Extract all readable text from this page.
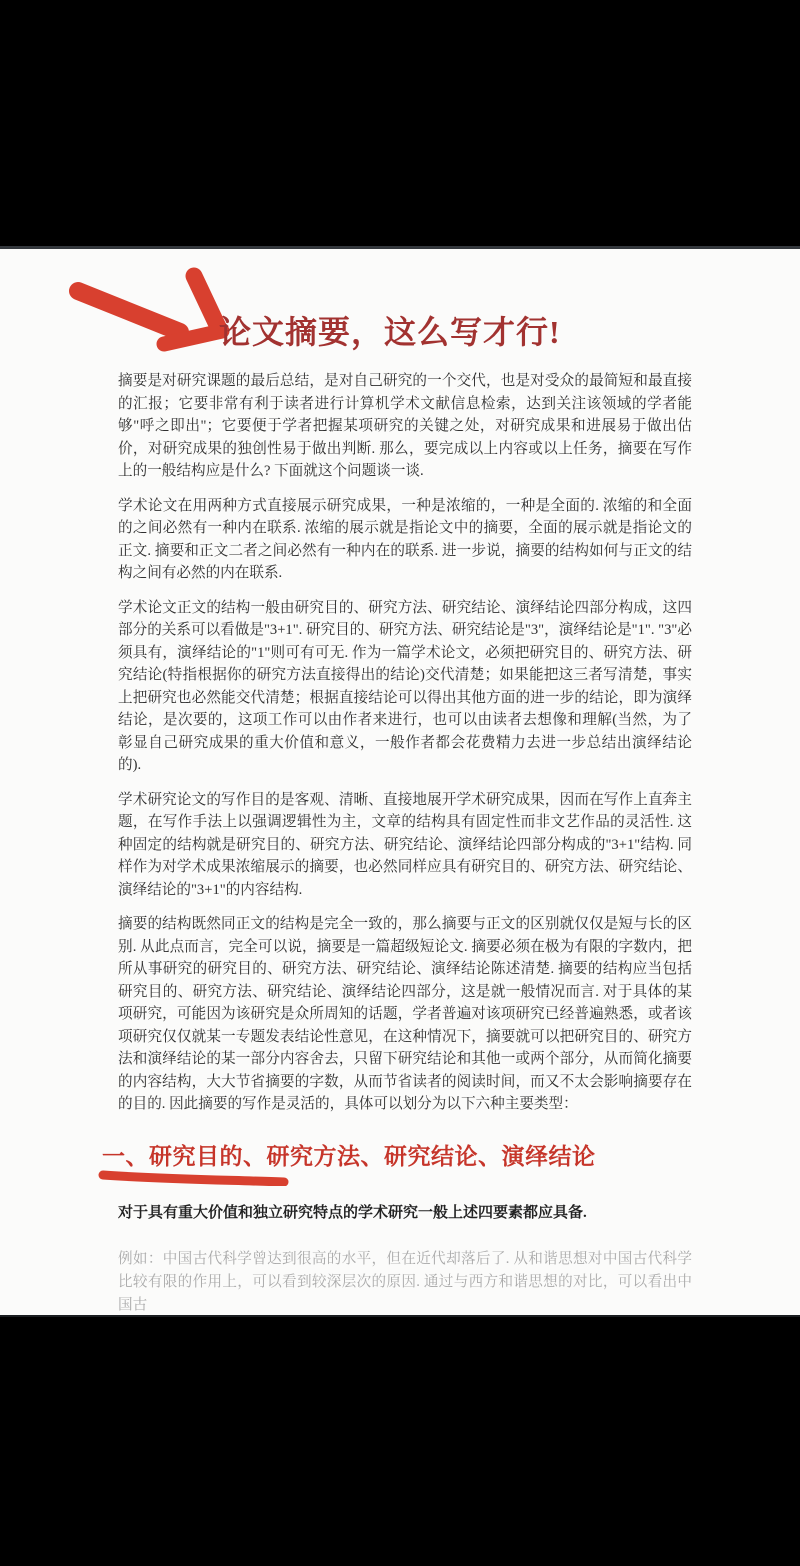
论文摘要，这么写才行!

摘要是对研究课题的最后总结，是对自己研究的一个交代，也是对受众的最简短和最直接的汇报；它要非常有利于读者进行计算机学术文献信息检索，达到关注该领域的学者能够"呼之即出"；它要便于学者把握某项研究的关键之处，对研究成果和进展易于做出估价，对研究成果的独创性易于做出判断. 那么，要完成以上内容或以上任务，摘要在写作上的一般结构应是什么? 下面就这个问题谈一谈.

学术论文在用两种方式直接展示研究成果，一种是浓缩的，一种是全面的. 浓缩的和全面的之间必然有一种内在联系. 浓缩的展示就是指论文中的摘要，全面的展示就是指论文的正文. 摘要和正文二者之间必然有一种内在的联系. 进一步说，摘要的结构如何与正文的结构之间有必然的内在联系.

学术论文正文的结构一般由研究目的、研究方法、研究结论、演绎结论四部分构成，这四部分的关系可以看做是"3+1". 研究目的、研究方法、研究结论是"3"，演绎结论是"1". "3"必须具有，演绎结论的"1"则可有可无. 作为一篇学术论文，必须把研究目的、研究方法、研究结论(特指根据你的研究方法直接得出的结论)交代清楚；如果能把这三者写清楚，事实上把研究也必然能交代清楚；根据直接结论可以得出其他方面的进一步的结论，即为演绎结论，是次要的，这项工作可以由作者来进行，也可以由读者去想像和理解(当然，为了彰显自己研究成果的重大价值和意义，一般作者都会花费精力去进一步总结出演绎结论的).

学术研究论文的写作目的是客观、清晰、直接地展开学术研究成果，因而在写作上直奔主题，在写作手法上以强调逻辑性为主，文章的结构具有固定性而非文艺作品的灵活性. 这种固定的结构就是研究目的、研究方法、研究结论、演绎结论四部分构成的"3+1"结构. 同样作为对学术成果浓缩展示的摘要，也必然同样应具有研究目的、研究方法、研究结论、演绎结论的"3+1"的内容结构.

摘要的结构既然同正文的结构是完全一致的，那么摘要与正文的区别就仅仅是短与长的区别. 从此点而言，完全可以说，摘要是一篇超级短论文. 摘要必须在极为有限的字数内，把所从事研究的研究目的、研究方法、研究结论、演绎结论陈述清楚. 摘要的结构应当包括研究目的、研究方法、研究结论、演绎结论四部分，这是就一般情况而言. 对于具体的某项研究，可能因为该研究是众所周知的话题，学者普遍对该项研究已经普遍熟悉，或者该项研究仅仅就某一专题发表结论性意见，在这种情况下，摘要就可以把研究目的、研究方法和演绎结论的某一部分内容舍去，只留下研究结论和其他一或两个部分，从而简化摘要的内容结构，大大节省摘要的字数，从而节省读者的阅读时间，而又不太会影响摘要存在的目的. 因此摘要的写作是灵活的，具体可以划分为以下六种主要类型：

一、研究目的、研究方法、研究结论、演绎结论

对于具有重大价值和独立研究特点的学术研究一般上述四要素都应具备.

例如：中国古代科学曾达到很高的水平，但在近代却落后了. 从和谐思想对中国古代科学比较有限的作用上，可以看到较深层次的原因. 通过与西方和谐思想的对比，可以看出中国古
